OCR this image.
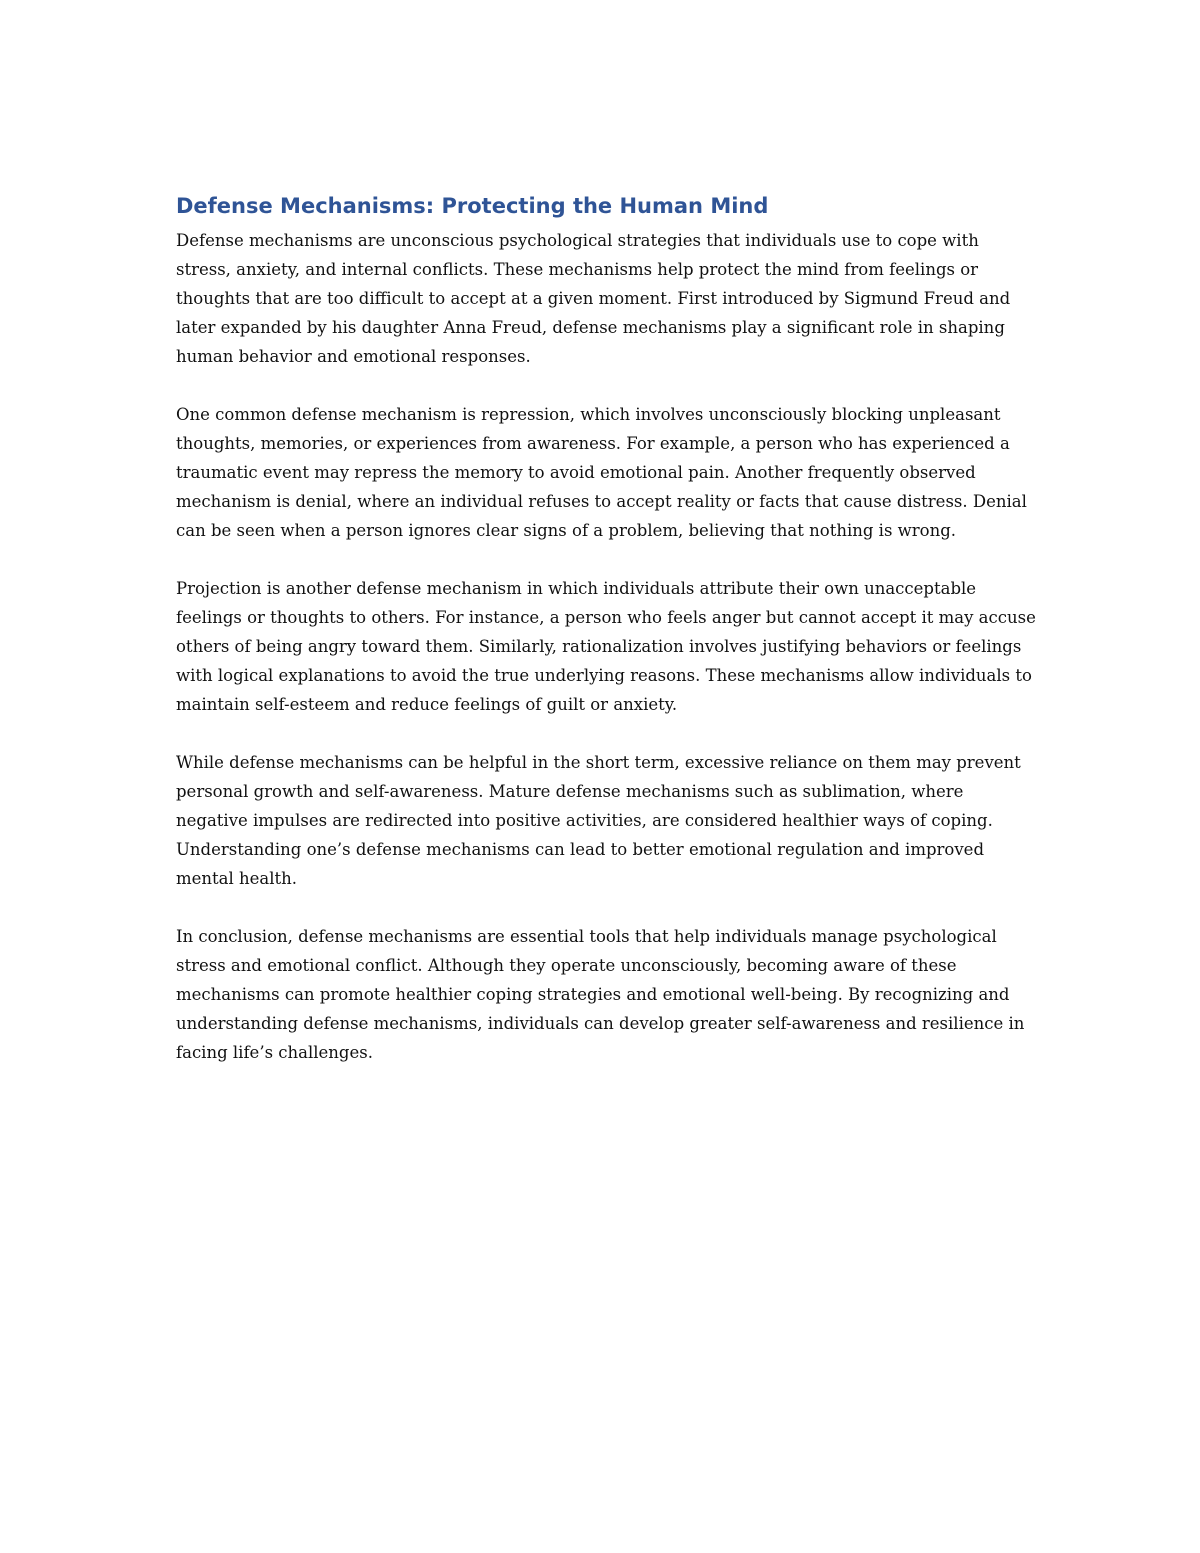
Defense Mechanisms: Protecting the Human Mind

Defense mechanisms are unconscious psychological strategies that individuals use to cope with stress, anxiety, and internal conflicts. These mechanisms help protect the mind from feelings or thoughts that are too difficult to accept at a given moment. First introduced by Sigmund Freud and later expanded by his daughter Anna Freud, defense mechanisms play a significant role in shaping human behavior and emotional responses.

One common defense mechanism is repression, which involves unconsciously blocking unpleasant thoughts, memories, or experiences from awareness. For example, a person who has experienced a traumatic event may repress the memory to avoid emotional pain. Another frequently observed mechanism is denial, where an individual refuses to accept reality or facts that cause distress. Denial can be seen when a person ignores clear signs of a problem, believing that nothing is wrong.

Projection is another defense mechanism in which individuals attribute their own unacceptable feelings or thoughts to others. For instance, a person who feels anger but cannot accept it may accuse others of being angry toward them. Similarly, rationalization involves justifying behaviors or feelings with logical explanations to avoid the true underlying reasons. These mechanisms allow individuals to maintain self-esteem and reduce feelings of guilt or anxiety.

While defense mechanisms can be helpful in the short term, excessive reliance on them may prevent personal growth and self-awareness. Mature defense mechanisms such as sublimation, where negative impulses are redirected into positive activities, are considered healthier ways of coping. Understanding one’s defense mechanisms can lead to better emotional regulation and improved mental health.

In conclusion, defense mechanisms are essential tools that help individuals manage psychological stress and emotional conflict. Although they operate unconsciously, becoming aware of these mechanisms can promote healthier coping strategies and emotional well-being. By recognizing and understanding defense mechanisms, individuals can develop greater self-awareness and resilience in facing life’s challenges.
